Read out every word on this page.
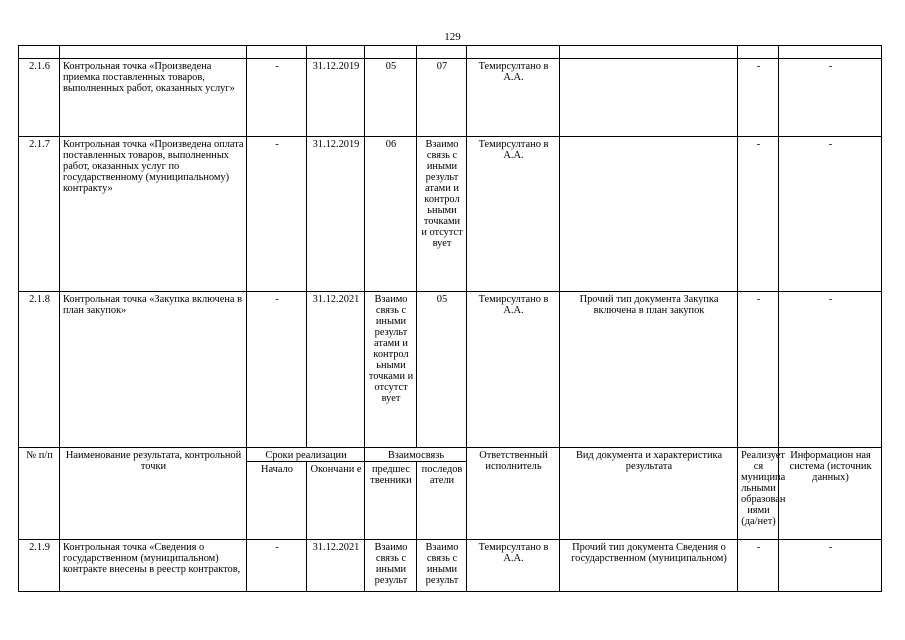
129

2.1.6	Контрольная точка «Произведена приемка поставленных товаров, выполненных работ, оказанных услуг»	-	31.12.2019	05	07	Темирсултано в А.А.		-	-
2.1.7	Контрольная точка «Произведена оплата поставленных товаров, выполненных работ, оказанных услуг по государственному (муниципальному) контракту»	-	31.12.2019	06	Взаимо связь с иными результ атами и контрол ьными точками и отсутст вует	Темирсултано в А.А.		-	-
2.1.8	Контрольная точка «Закупка включена в план закупок»	-	31.12.2021	Взаимо связь с иными результ атами и контрол ьными точками и отсутст вует	05	Темирсултано в А.А.	Прочий тип документа Закупка включена в план закупок	-	-
№ п/п	Наименование результата, контрольной точки	Сроки реализации		Взаимосвязь		Ответственный исполнитель	Вид документа и характеристика результата	Реализует ся муниципа льными образован иями (да/нет)	Информацион ная система (источник данных)
		Начало	Окончани е	предшес твенники	последов атели				
2.1.9	Контрольная точка «Сведения о государственном (муниципальном) контракте внесены в реестр контрактов,	-	31.12.2021	Взаимо связь с иными результ	Взаимо связь с иными результ	Темирсултано в А.А.	Прочий тип документа Сведения о государственном (муниципальном)	-	-
